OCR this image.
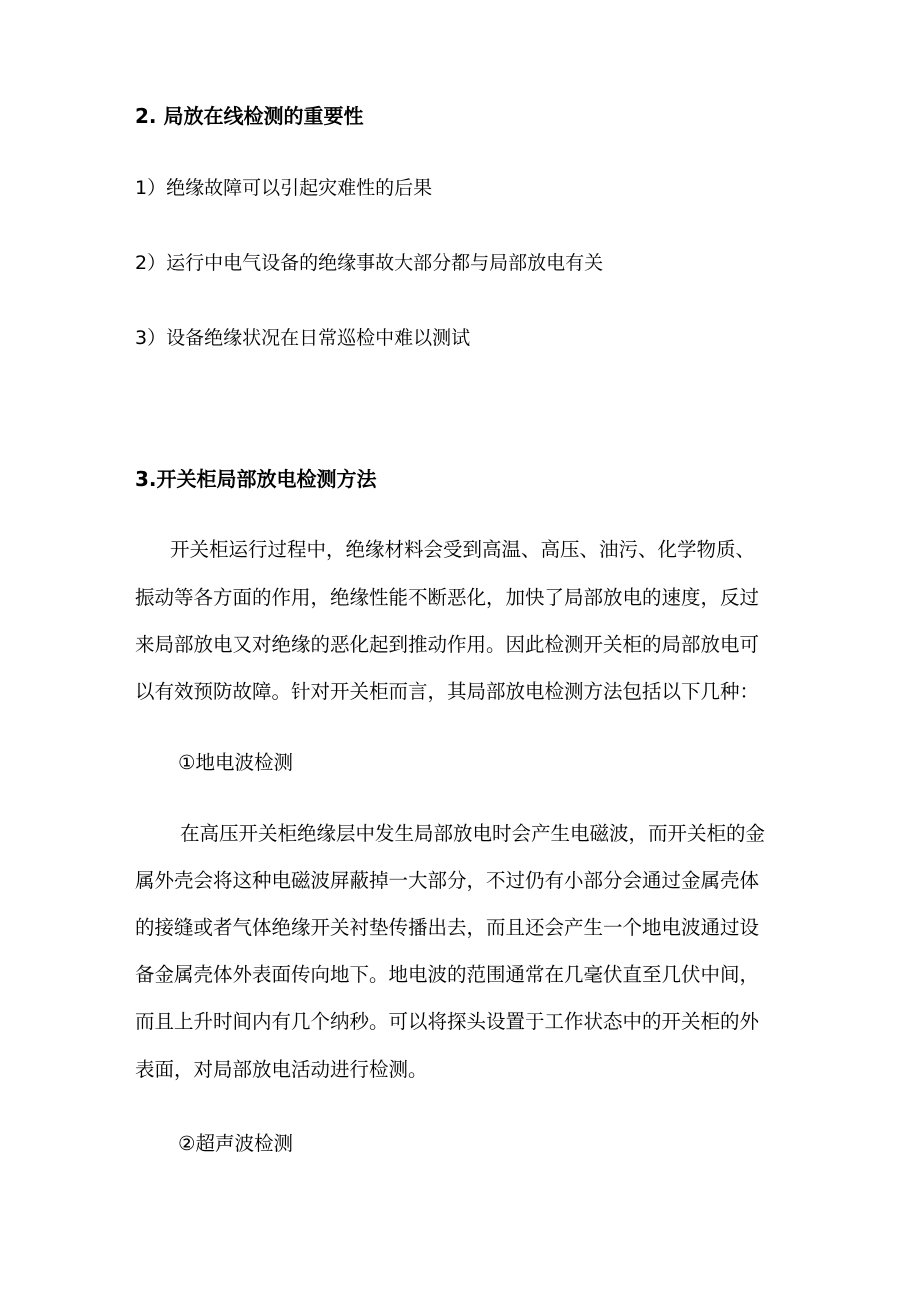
2. 局放在线检测的重要性

1）绝缘故障可以引起灾难性的后果

2）运行中电气设备的绝缘事故大部分都与局部放电有关

3）设备绝缘状况在日常巡检中难以测试

3.开关柜局部放电检测方法

开关柜运行过程中，绝缘材料会受到高温、高压、油污、化学物质、

振动等各方面的作用，绝缘性能不断恶化，加快了局部放电的速度，反过

来局部放电又对绝缘的恶化起到推动作用。因此检测开关柜的局部放电可

以有效预防故障。针对开关柜而言，其局部放电检测方法包括以下几种：

①地电波检测

在高压开关柜绝缘层中发生局部放电时会产生电磁波，而开关柜的金

属外壳会将这种电磁波屏蔽掉一大部分，不过仍有小部分会通过金属壳体

的接缝或者气体绝缘开关衬垫传播出去，而且还会产生一个地电波通过设

备金属壳体外表面传向地下。地电波的范围通常在几毫伏直至几伏中间，

而且上升时间内有几个纳秒。可以将探头设置于工作状态中的开关柜的外

表面，对局部放电活动进行检测。

②超声波检测
